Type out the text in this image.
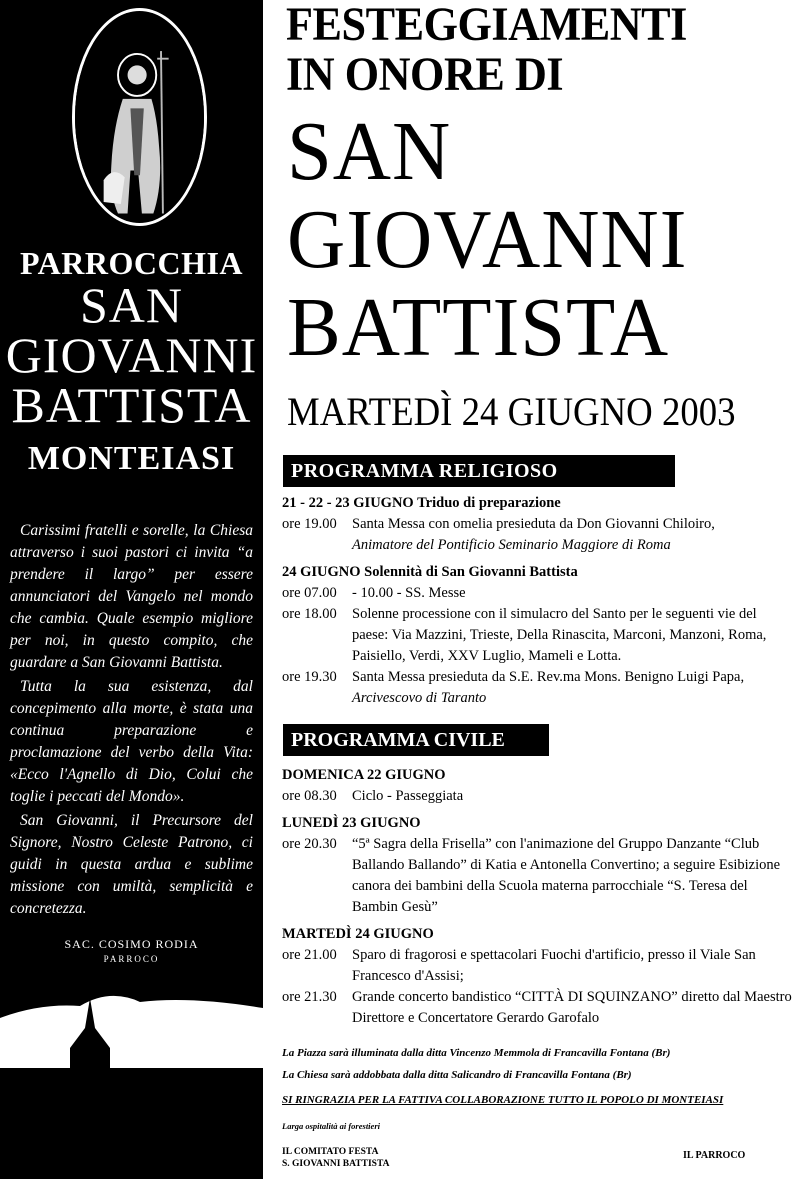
PARROCCHIA
SAN
GIOVANNI
BATTISTA
MONTEIASI

Carissimi fratelli e sorelle, la Chiesa attraverso i suoi pastori ci invita “a prendere il largo” per essere annunciatori del Vangelo nel mondo che cambia. Quale esempio migliore per noi, in questo compito, che guardare a San Giovanni Battista.

Tutta la sua esistenza, dal concepimento alla morte, è stata una continua preparazione e proclamazione del verbo della Vita: «Ecco l'Agnello di Dio, Colui che toglie i peccati del Mondo».

San Giovanni, il Precursore del Signore, Nostro Celeste Patrono, ci guidi in questa ardua e sublime missione con umiltà, semplicità e concretezza.

SAC. COSIMO RODIA
PARROCO
FESTEGGIAMENTI
IN ONORE DI
SAN
GIOVANNI
BATTISTA
MARTEDÌ 24 GIUGNO 2003
PROGRAMMA RELIGIOSO
21 - 22 - 23 GIUGNO Triduo di preparazione
ore 19.00	Santa Messa con omelia presieduta da Don Giovanni Chiloiro,
Animatore del Pontificio Seminario Maggiore di Roma
24 GIUGNO Solennità di San Giovanni Battista
ore 07.00	- 10.00 - SS. Messe
ore 18.00	Solenne processione con il simulacro del Santo per le seguenti vie del paese: Via Mazzini, Trieste, Della Rinascita, Marconi, Manzoni, Roma, Paisiello, Verdi, XXV Luglio, Mameli e Lotta.
ore 19.30	Santa Messa presieduta da S.E. Rev.ma Mons. Benigno Luigi Papa,
Arcivescovo di Taranto
PROGRAMMA CIVILE
DOMENICA 22 GIUGNO
ore 08.30	Ciclo - Passeggiata
LUNEDÌ 23 GIUGNO
ore 20.30	“5ª Sagra della Frisella” con l'animazione del Gruppo Danzante “Club Ballando Ballando” di Katia e Antonella Convertino; a seguire Esibizione canora dei bambini della Scuola materna parrocchiale “S. Teresa del Bambin Gesù”
MARTEDÌ 24 GIUGNO
ore 21.00	Sparo di fragorosi e spettacolari Fuochi d'artificio, presso il Viale San Francesco d'Assisi;
ore 21.30	Grande concerto bandistico “CITTÀ DI SQUINZANO” diretto dal Maestro Direttore e Concertatore Gerardo Garofalo
La Piazza sarà illuminata dalla ditta Vincenzo Memmola di Francavilla Fontana (Br)
La Chiesa sarà addobbata dalla ditta Salicandro di Francavilla Fontana (Br)
SI RINGRAZIA PER LA FATTIVA COLLABORAZIONE TUTTO IL POPOLO DI MONTEIASI
Larga ospitalità ai forestieri
IL COMITATO FESTA
S. GIOVANNI BATTISTA
IL PARROCO
